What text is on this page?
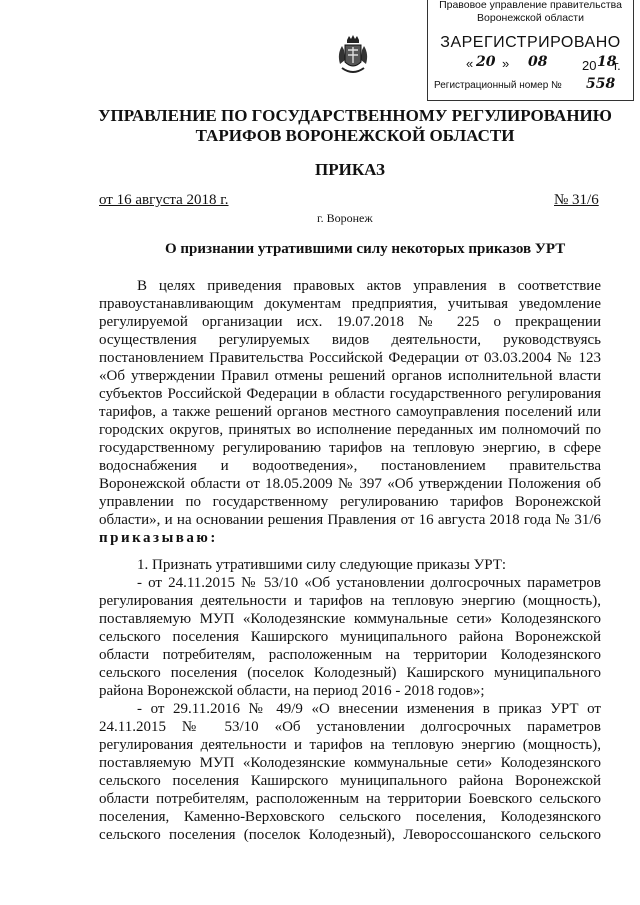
Правовое управление правительства
Воронежской области
ЗАРЕГИСТРИРОВАНО
« 20 » 08	20 18
г.
Регистрационный номер № 558
УПРАВЛЕНИЕ ПО ГОСУДАРСТВЕННОМУ РЕГУЛИРОВАНИЮ
ТАРИФОВ ВОРОНЕЖСКОЙ ОБЛАСТИ
ПРИКАЗ
от 16 августа 2018 г.	№ 31/6
г. Воронеж
О признании утратившими силу некоторых приказов УРТ
В целях приведения правовых актов управления в соответствие
правоустанавливающим документам предприятия, учитывая уведомление
регулируемой организации исх. 19.07.2018 № 225 о прекращении
осуществления регулируемых видов деятельности, руководствуясь
постановлением Правительства Российской Федерации от 03.03.2004 № 123
«Об утверждении Правил отмены решений органов исполнительной власти
субъектов Российской Федерации в области государственного регулирования
тарифов, а также решений органов местного самоуправления поселений или
городских округов, принятых во исполнение переданных им полномочий по
государственному регулированию тарифов на тепловую энергию, в сфере
водоснабжения и водоотведения», постановлением правительства
Воронежской области от 18.05.2009 № 397 «Об утверждении Положения об
управлении по государственному регулированию тарифов Воронежской
области», и на основании решения Правления от 16 августа 2018 года № 31/6
приказываю:
1. Признать утратившими силу следующие приказы УРТ:
- от 24.11.2015 № 53/10 «Об установлении долгосрочных параметров
регулирования деятельности и тарифов на тепловую энергию (мощность),
поставляемую МУП «Колодезянские коммунальные сети» Колодезянского
сельского поселения Каширского муниципального района Воронежской
области потребителям, расположенным на территории Колодезянского
сельского поселения (поселок Колодезный) Каширского муниципального
района Воронежской области, на период 2016 - 2018 годов»;
- от 29.11.2016 № 49/9 «О внесении изменения в приказ УРТ от
24.11.2015 № 53/10 «Об установлении долгосрочных параметров
регулирования деятельности и тарифов на тепловую энергию (мощность),
поставляемую МУП «Колодезянские коммунальные сети» Колодезянского
сельского поселения Каширского муниципального района Воронежской
области потребителям, расположенным на территории Боевского сельского
поселения, Каменно-Верховского сельского поселения, Колодезянского
сельского поселения (поселок Колодезный), Левороссошанского сельского
